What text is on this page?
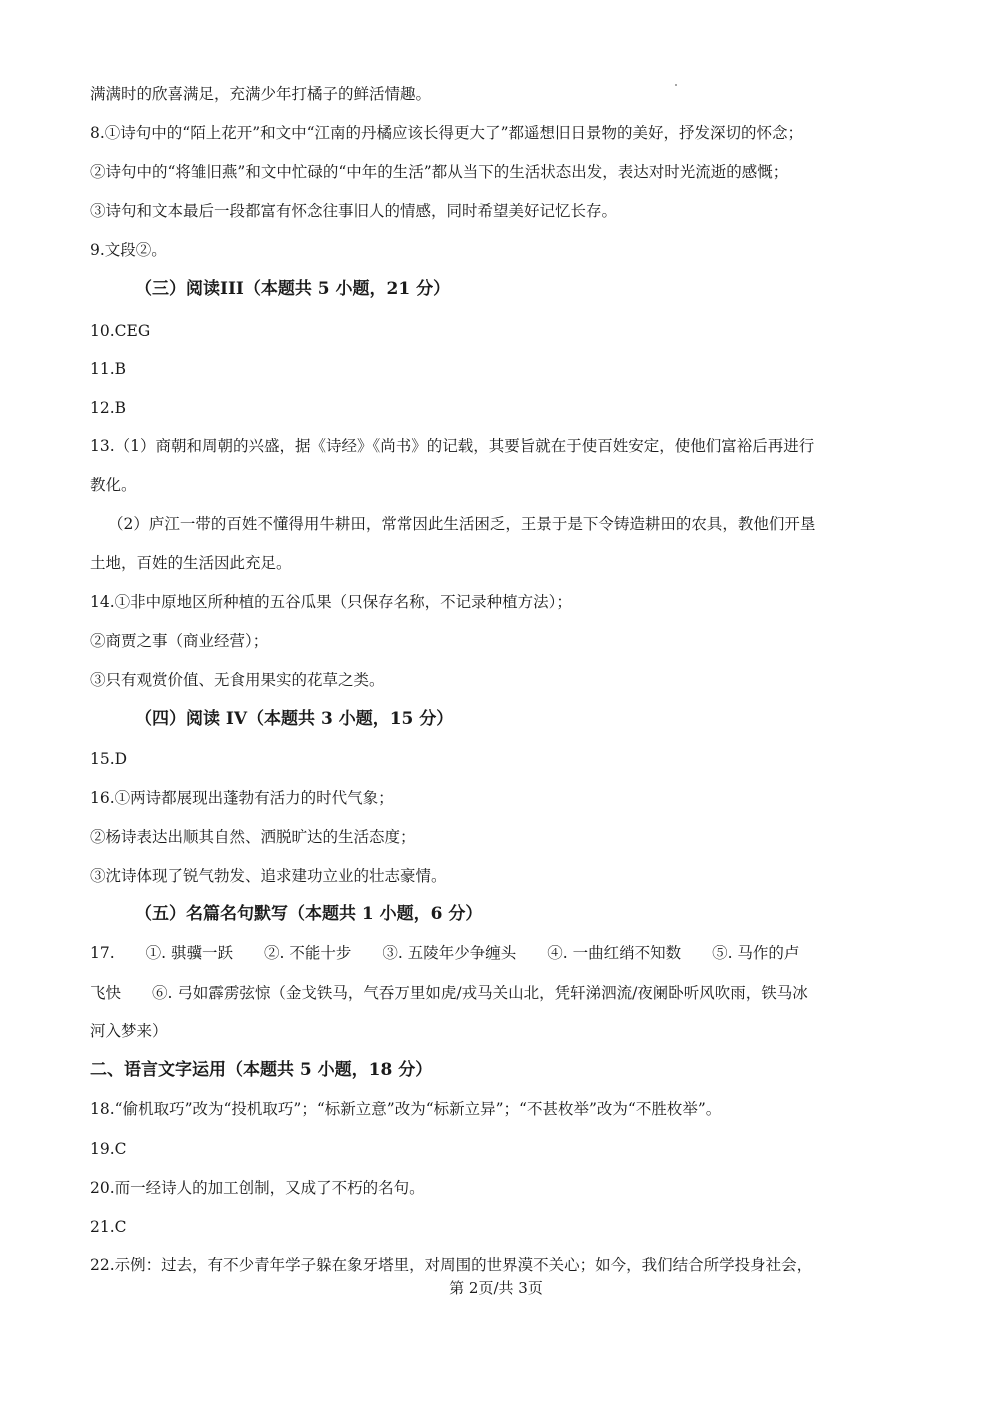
满满时的欣喜满足，充满少年打橘子的鲜活情趣。
8.①诗句中的“陌上花开”和文中“江南的丹橘应该长得更大了”都遥想旧日景物的美好，抒发深切的怀念；
②诗句中的“将雏旧燕”和文中忙碌的“中年的生活”都从当下的生活状态出发，表达对时光流逝的感慨；
③诗句和文本最后一段都富有怀念往事旧人的情感，同时希望美好记忆长存。
9.文段②。
（三）阅读III（本题共 5 小题，21 分）
10.CEG
11.B
12.B
13.（1）商朝和周朝的兴盛，据《诗经》《尚书》的记载，其要旨就在于使百姓安定，使他们富裕后再进行
教化。
（2）庐江一带的百姓不懂得用牛耕田，常常因此生活困乏，王景于是下令铸造耕田的农具，教他们开垦
土地，百姓的生活因此充足。
14.①非中原地区所种植的五谷瓜果（只保存名称，不记录种植方法）；
②商贾之事（商业经营）；
③只有观赏价值、无食用果实的花草之类。
（四）阅读 IV（本题共 3 小题，15 分）
15.D
16.①两诗都展现出蓬勃有活力的时代气象；
②杨诗表达出顺其自然、洒脱旷达的生活态度；
③沈诗体现了锐气勃发、追求建功立业的壮志豪情。
（五）名篇名句默写（本题共 1 小题，6 分）
17.　　①. 骐骥一跃　　②. 不能十步　　③. 五陵年少争缠头　　④. 一曲红绡不知数　　⑤. 马作的卢
飞快　　⑥. 弓如霹雳弦惊（金戈铁马，气吞万里如虎/戎马关山北，凭轩涕泗流/夜阑卧听风吹雨，铁马冰
河入梦来）
二、语言文字运用（本题共 5 小题，18 分）
18.“偷机取巧”改为“投机取巧”；“标新立意”改为“标新立异”；“不甚枚举”改为“不胜枚举”。
19.C
20.而一经诗人的加工创制，又成了不朽的名句。
21.C
22.示例：过去，有不少青年学子躲在象牙塔里，对周围的世界漠不关心；如今，我们结合所学投身社会，
第 2页/共 3页
